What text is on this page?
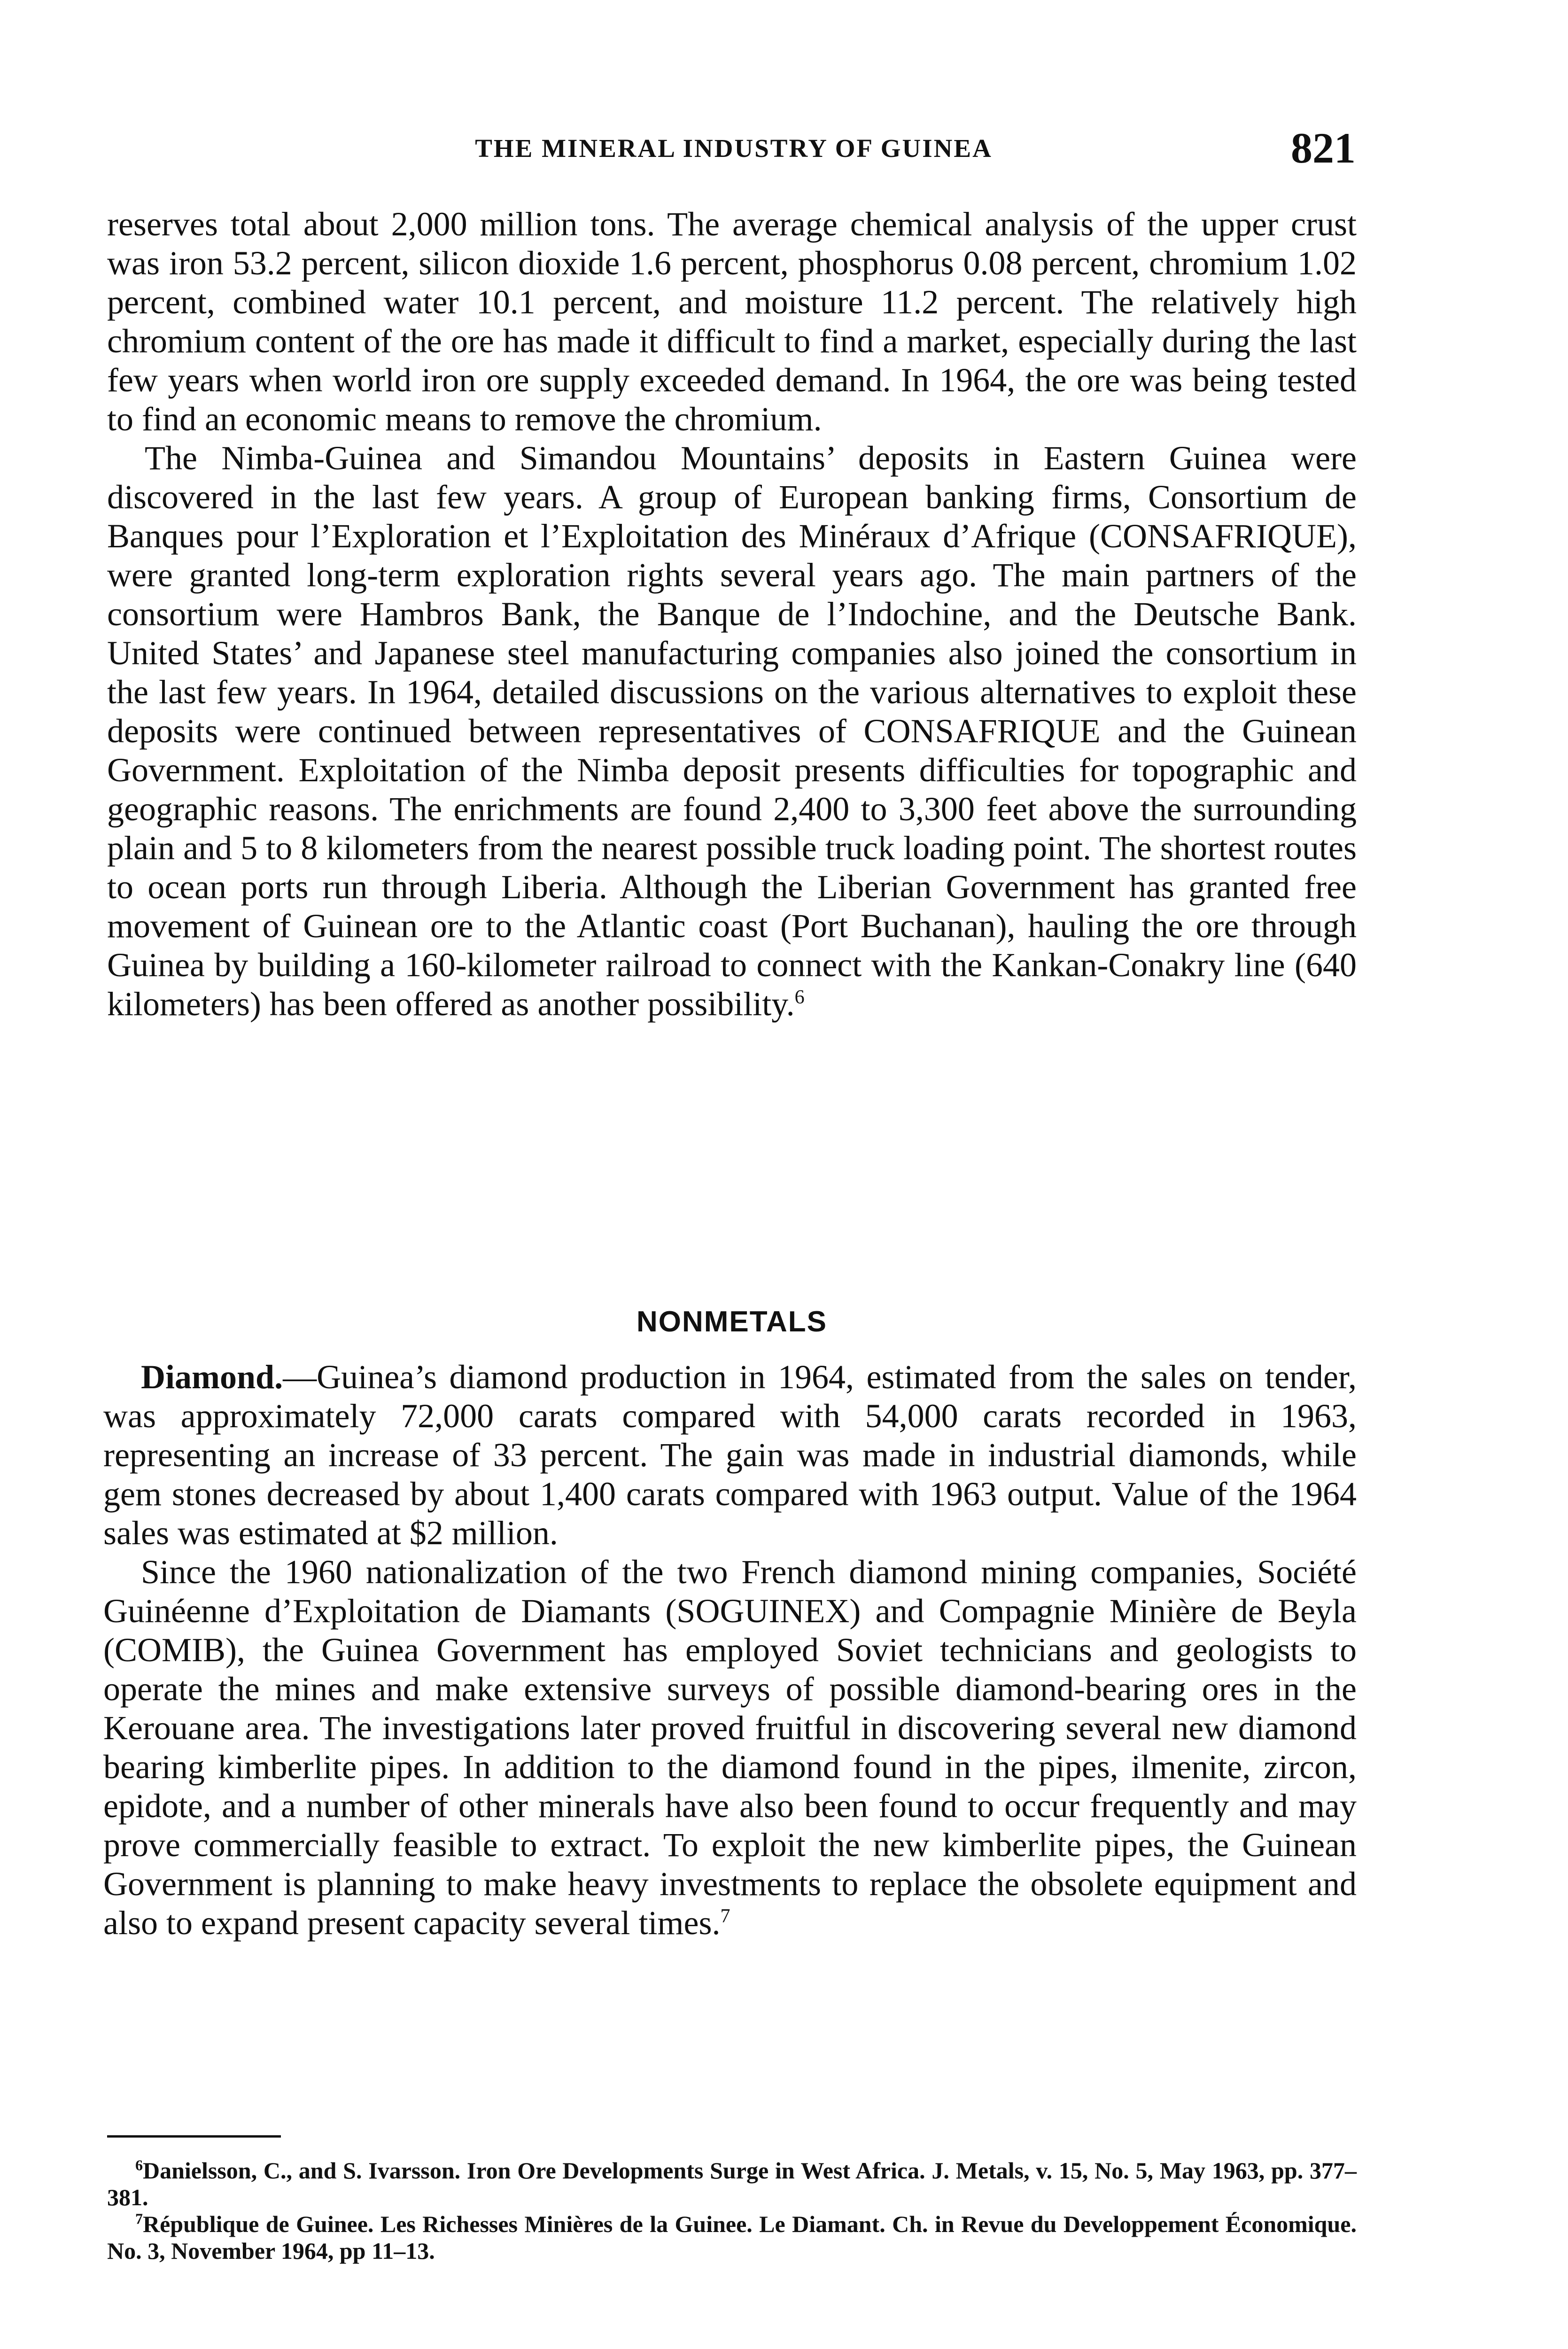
THE MINERAL INDUSTRY OF GUINEA	821

reserves total about 2,000 million tons. The average chemical analysis of the upper crust was iron 53.2 percent, silicon dioxide 1.6 percent, phosphorus 0.08 percent, chromium 1.02 percent, combined water 10.1 percent, and moisture 11.2 percent. The relatively high chromium content of the ore has made it difficult to find a market, especially during the last few years when world iron ore supply exceeded demand. In 1964, the ore was being tested to find an economic means to remove the chromium.

The Nimba-Guinea and Simandou Mountains’ deposits in Eastern Guinea were discovered in the last few years. A group of European banking firms, Consortium de Banques pour l’Exploration et l’Exploitation des Minéraux d’Afrique (CONSAFRIQUE), were granted long-term exploration rights several years ago. The main partners of the consortium were Hambros Bank, the Banque de l’Indochine, and the Deutsche Bank. United States’ and Japanese steel manufacturing companies also joined the consortium in the last few years. In 1964, detailed discussions on the various alternatives to exploit these deposits were continued between representatives of CONSAFRIQUE and the Guinean Government. Exploitation of the Nimba deposit presents difficulties for topographic and geographic reasons. The enrichments are found 2,400 to 3,300 feet above the surrounding plain and 5 to 8 kilometers from the nearest possible truck loading point. The shortest routes to ocean ports run through Liberia. Although the Liberian Government has granted free movement of Guinean ore to the Atlantic coast (Port Buchanan), hauling the ore through Guinea by building a 160-kilometer railroad to connect with the Kankan-Conakry line (640 kilometers) has been offered as another possibility.$^6$

NONMETALS

Diamond.—Guinea’s diamond production in 1964, estimated from the sales on tender, was approximately 72,000 carats compared with 54,000 carats recorded in 1963, representing an increase of 33 percent. The gain was made in industrial diamonds, while gem stones decreased by about 1,400 carats compared with 1963 output. Value of the 1964 sales was estimated at $2 million.

Since the 1960 nationalization of the two French diamond mining companies, Société Guinéenne d’Exploitation de Diamants (SOGUINEX) and Compagnie Minière de Beyla (COMIB), the Guinea Government has employed Soviet technicians and geologists to operate the mines and make extensive surveys of possible diamond-bearing ores in the Kerouane area. The investigations later proved fruitful in discovering several new diamond bearing kimberlite pipes. In addition to the diamond found in the pipes, ilmenite, zircon, epidote, and a number of other minerals have also been found to occur frequently and may prove commercially feasible to extract. To exploit the new kimberlite pipes, the Guinean Government is planning to make heavy investments to replace the obsolete equipment and also to expand present capacity several times.$^7$

$^6$Danielsson, C., and S. Ivarsson. Iron Ore Developments Surge in West Africa. J. Metals, v. 15, No. 5, May 1963, pp. 377–381.

$^7$République de Guinee. Les Richesses Minières de la Guinee. Le Diamant. Ch. in Revue du Developpement Économique. No. 3, November 1964, pp 11–13.
